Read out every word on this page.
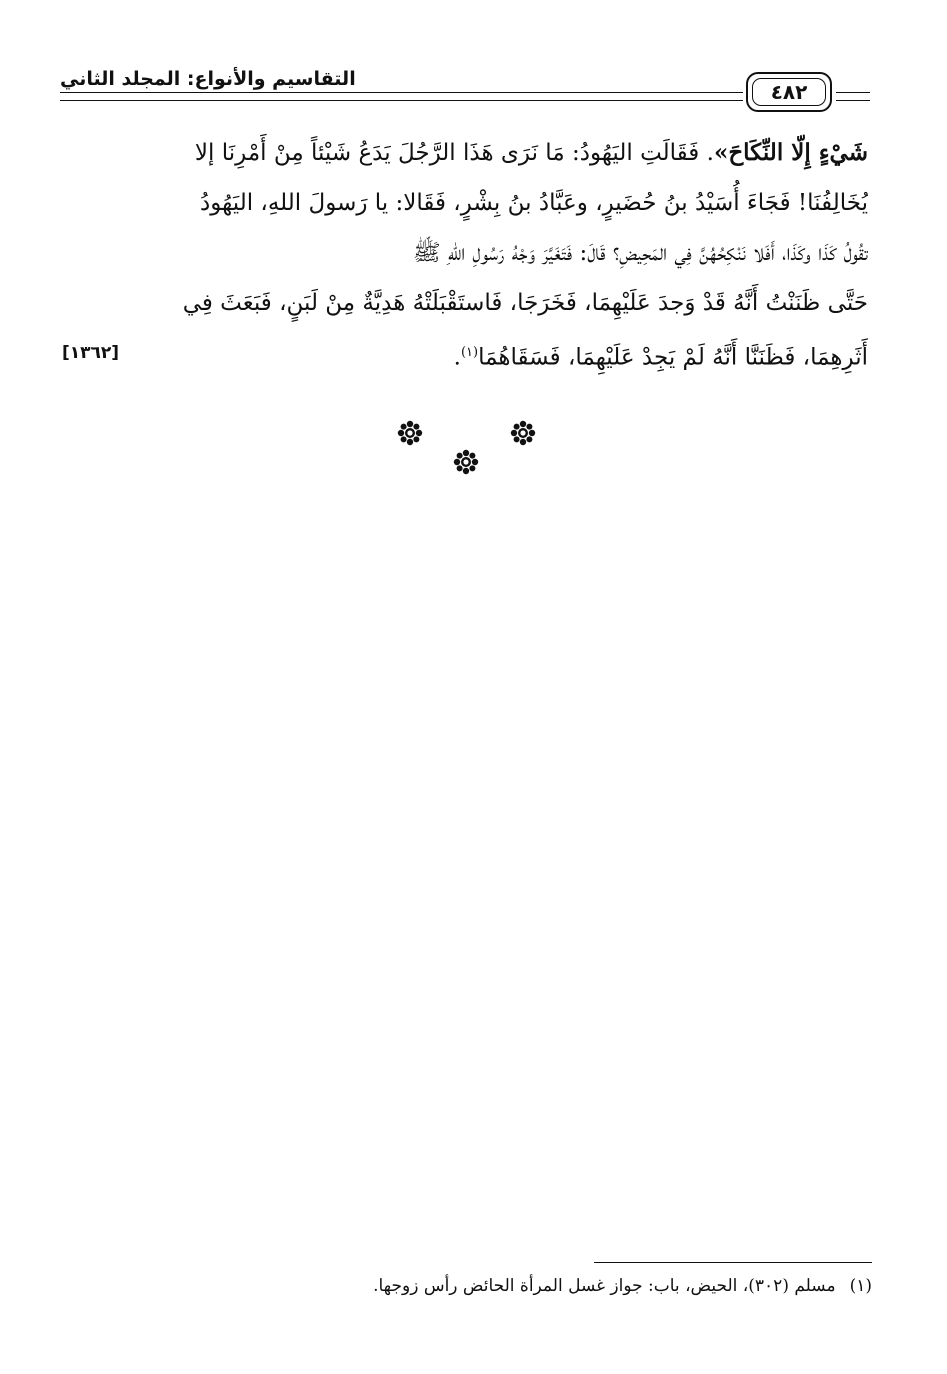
التقاسيم والأنواع: المجلد الثاني
٤٨٢
شَيْءٍ إِلّا النِّكَاحَ». فَقَالَتِ اليَهُودُ: مَا نَرَى هَذَا الرَّجُلَ يَدَعُ شَيْئاً مِنْ أَمْرِنَا إلا
يُخَالِفُنَا! فَجَاءَ أُسَيْدُ بنُ حُضَيرٍ، وعَبَّادُ بنُ بِشْرٍ، فَقَالا: يا رَسولَ اللهِ، اليَهُودُ
تقُولُ كَذَا وكَذَا، أَفَلا نَنْكِحُهُنَّ فِي المَحِيضِ؟ قَالَ: فَتَغَيَّرَ وَجْهُ رَسُولِ اللهِ ﷺ
حَتَّى ظَنَنْتُ أَنَّهُ قَدْ وَجدَ عَلَيْهِمَا، فَخَرَجَا، فَاستَقْبَلَتْهُ هَدِيَّةٌ مِنْ لَبَنٍ، فَبَعَثَ فِي
أَثَرِهِمَا، فَظَنَنَّا أَنَّهُ لَمْ يَجِدْ عَلَيْهِمَا، فَسَقَاهُمَا$^{(١)}$.
[١٣٦٢]
(١)مسلم (٣٠٢)، الحيض، باب: جواز غسل المرأة الحائض رأس زوجها.
